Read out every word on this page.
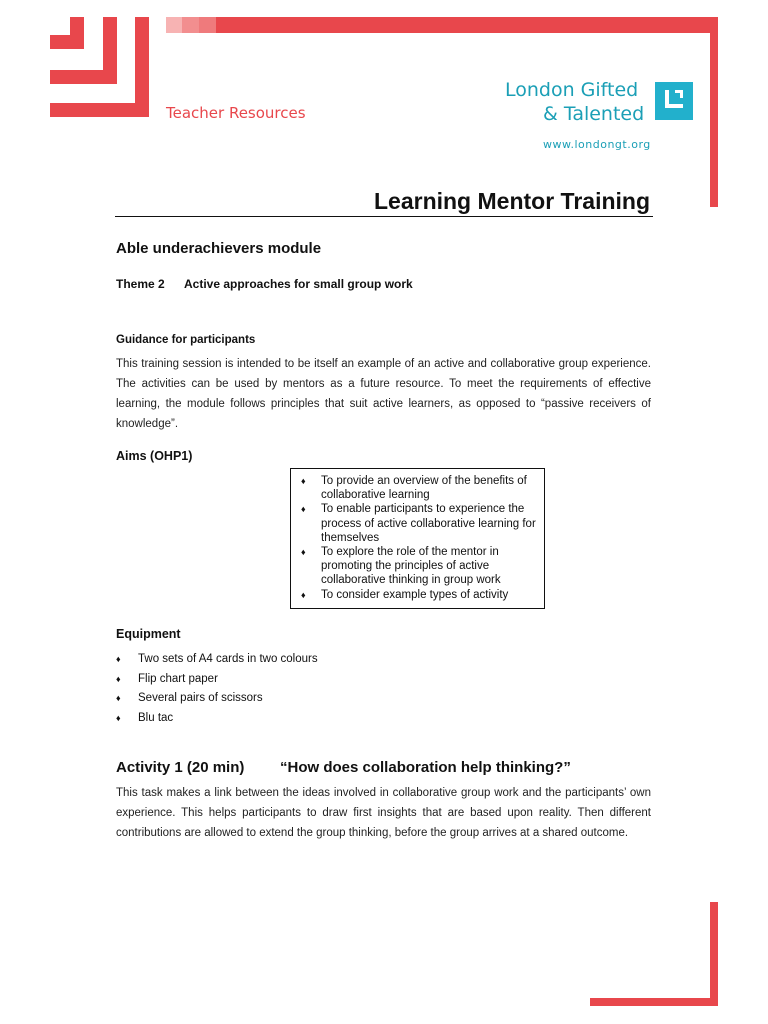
Teacher Resources
London Gifted
& Talented
www.londongt.org
Learning Mentor Training
Able underachievers module
Theme 2 Active approaches for small group work
Guidance for participants
This training session is intended to be itself an example of an active and collaborative group experience. The activities can be used by mentors as a future resource. To meet the requirements of effective learning, the module follows principles that suit active learners, as opposed to “passive receivers of knowledge”.
Aims (OHP1)
♦ To provide an overview of the benefits of collaborative learning
♦ To enable participants to experience the process of active collaborative learning for themselves
♦ To explore the role of the mentor in promoting the principles of active collaborative thinking in group work
♦ To consider example types of activity
Equipment
♦ Two sets of A4 cards in two colours
♦ Flip chart paper
♦ Several pairs of scissors
♦ Blu tac
Activity 1 (20 min) “How does collaboration help thinking?”
This task makes a link between the ideas involved in collaborative group work and the participants’ own experience. This helps participants to draw first insights that are based upon reality. Then different contributions are allowed to extend the group thinking, before the group arrives at a shared outcome.
